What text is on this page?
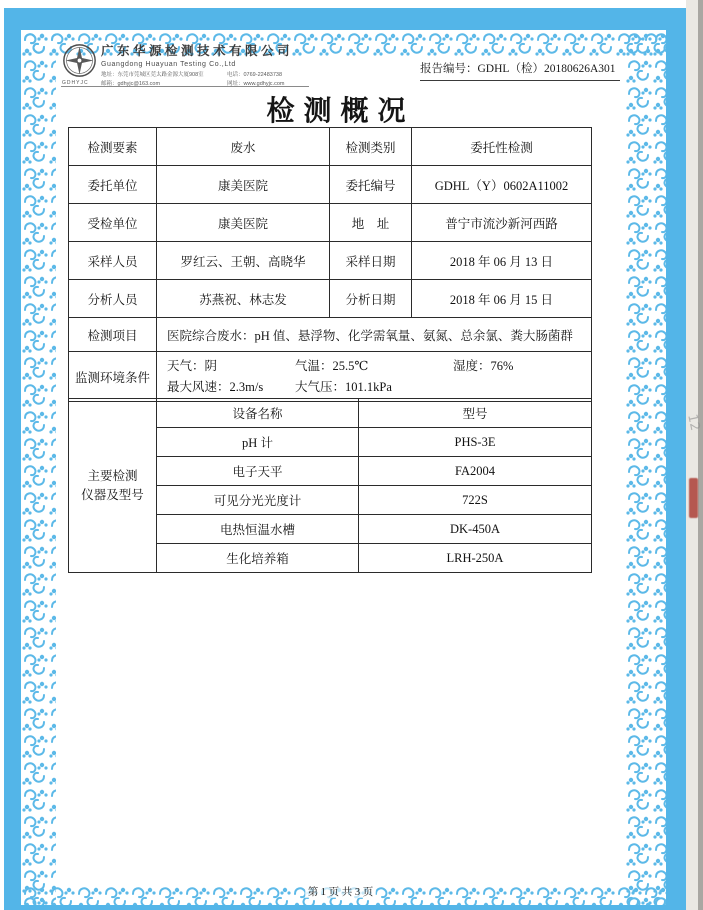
GDHYJC
广东华源检测技术有限公司
Guangdong Huayuan Testing Co.,Ltd
地址：东莞市莞城区莞太路金源大厦908室	电话：0769-22483738
邮箱：gdhyjc@163.com	网址：www.gdhyjc.com
报告编号：GDHL（检）20180626A301
检测概况
检测要素	废水	检测类别	委托性检测
委托单位	康美医院	委托编号	GDHL（Y）0602A11002
受检单位	康美医院	地　址	普宁市流沙新河西路
采样人员	罗红云、王朝、高晓华	采样日期	2018 年 06 月 13 日
分析人员	苏燕祝、林志发	分析日期	2018 年 06 月 15 日
检测项目	医院综合废水：pH 值、悬浮物、化学需氧量、氨氮、总余氯、粪大肠菌群		
监测环境条件	天气：阴 气温：25.5℃ 湿度：76%
最大风速：2.3m/s 大气压：101.1kPa		
主要检测
仪器及型号	设备名称	型号
	pH 计	PHS-3E
	电子天平	FA2004
	可见分光光度计	722S
	电热恒温水槽	DK-450A
	生化培养箱	LRH-250A
12
第 1 页 共 3 页
